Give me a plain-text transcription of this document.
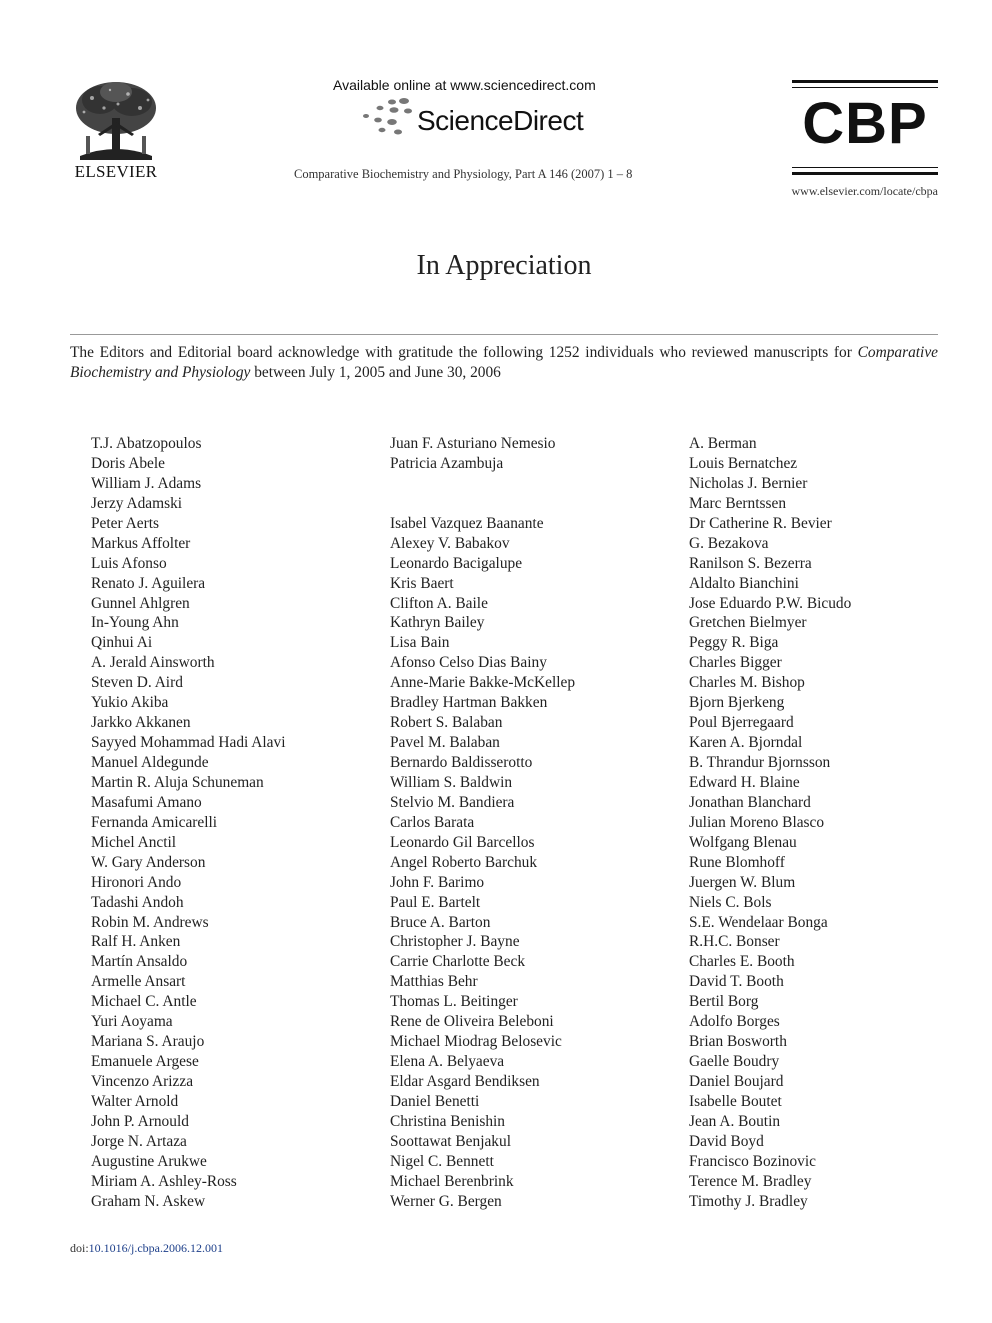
ELSEVIER
Available online at www.sciencedirect.com
ScienceDirect
Comparative Biochemistry and Physiology, Part A 146 (2007) 1 – 8
CBP
www.elsevier.com/locate/cbpa
In Appreciation
The Editors and Editorial board acknowledge with gratitude the following 1252 individuals who reviewed manuscripts for Comparative Biochemistry and Physiology between July 1, 2005 and June 30, 2006
T.J. Abatzopoulos
Doris Abele
William J. Adams
Jerzy Adamski
Peter Aerts
Markus Affolter
Luis Afonso
Renato J. Aguilera
Gunnel Ahlgren
In-Young Ahn
Qinhui Ai
A. Jerald Ainsworth
Steven D. Aird
Yukio Akiba
Jarkko Akkanen
Sayyed Mohammad Hadi Alavi
Manuel Aldegunde
Martin R. Aluja Schuneman
Masafumi Amano
Fernanda Amicarelli
Michel Anctil
W. Gary Anderson
Hironori Ando
Tadashi Andoh
Robin M. Andrews
Ralf H. Anken
Martín Ansaldo
Armelle Ansart
Michael C. Antle
Yuri Aoyama
Mariana S. Araujo
Emanuele Argese
Vincenzo Arizza
Walter Arnold
John P. Arnould
Jorge N. Artaza
Augustine Arukwe
Miriam A. Ashley-Ross
Graham N. Askew
Juan F. Asturiano Nemesio
Patricia Azambuja
Isabel Vazquez Baanante
Alexey V. Babakov
Leonardo Bacigalupe
Kris Baert
Clifton A. Baile
Kathryn Bailey
Lisa Bain
Afonso Celso Dias Bainy
Anne-Marie Bakke-McKellep
Bradley Hartman Bakken
Robert S. Balaban
Pavel M. Balaban
Bernardo Baldisserotto
William S. Baldwin
Stelvio M. Bandiera
Carlos Barata
Leonardo Gil Barcellos
Angel Roberto Barchuk
John F. Barimo
Paul E. Bartelt
Bruce A. Barton
Christopher J. Bayne
Carrie Charlotte Beck
Matthias Behr
Thomas L. Beitinger
Rene de Oliveira Beleboni
Michael Miodrag Belosevic
Elena A. Belyaeva
Eldar Asgard Bendiksen
Daniel Benetti
Christina Benishin
Soottawat Benjakul
Nigel C. Bennett
Michael Berenbrink
Werner G. Bergen
A. Berman
Louis Bernatchez
Nicholas J. Bernier
Marc Berntssen
Dr Catherine R. Bevier
G. Bezakova
Ranilson S. Bezerra
Aldalto Bianchini
Jose Eduardo P.W. Bicudo
Gretchen Bielmyer
Peggy R. Biga
Charles Bigger
Charles M. Bishop
Bjorn Bjerkeng
Poul Bjerregaard
Karen A. Bjorndal
B. Thrandur Bjornsson
Edward H. Blaine
Jonathan Blanchard
Julian Moreno Blasco
Wolfgang Blenau
Rune Blomhoff
Juergen W. Blum
Niels C. Bols
S.E. Wendelaar Bonga
R.H.C. Bonser
Charles E. Booth
David T. Booth
Bertil Borg
Adolfo Borges
Brian Bosworth
Gaelle Boudry
Daniel Boujard
Isabelle Boutet
Jean A. Boutin
David Boyd
Francisco Bozinovic
Terence M. Bradley
Timothy J. Bradley
doi:10.1016/j.cbpa.2006.12.001
